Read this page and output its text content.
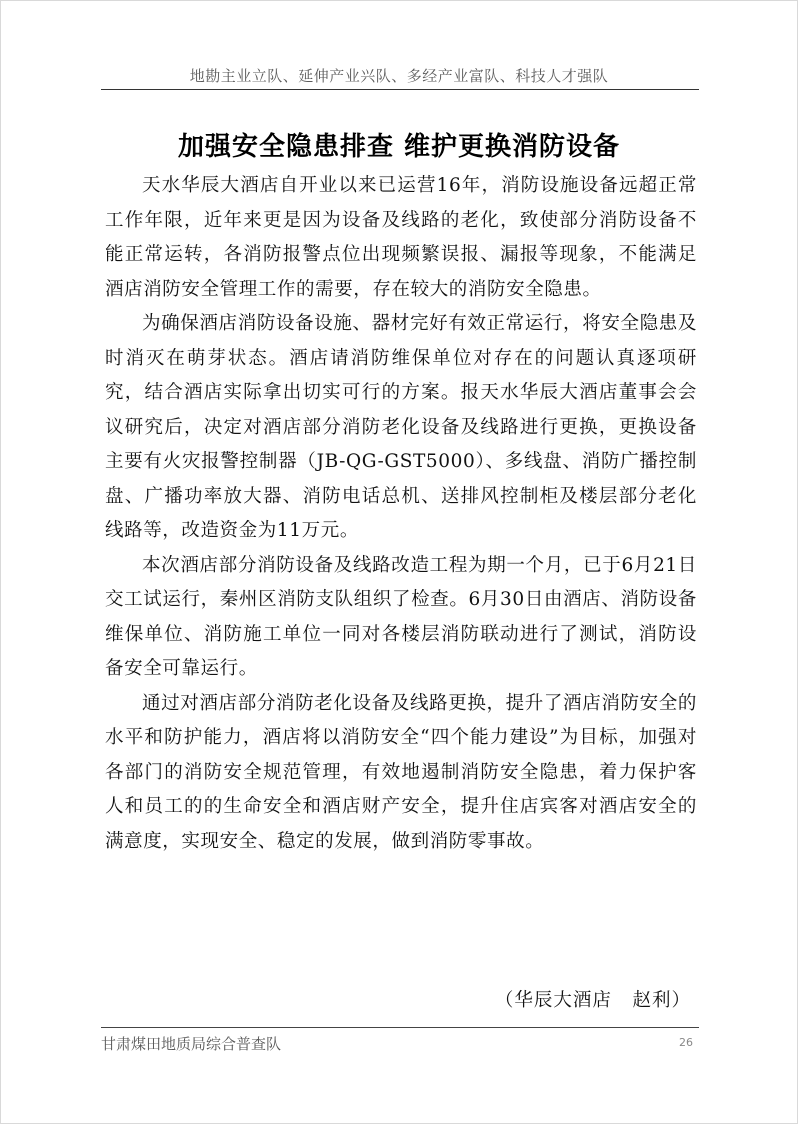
地勘主业立队、延伸产业兴队、多经产业富队、科技人才强队
加强安全隐患排查 维护更换消防设备

天水华辰大酒店自开业以来已运营16年，消防设施设备远超正常工作年限，近年来更是因为设备及线路的老化，致使部分消防设备不能正常运转，各消防报警点位出现频繁误报、漏报等现象，不能满足酒店消防安全管理工作的需要，存在较大的消防安全隐患。

为确保酒店消防设备设施、器材完好有效正常运行，将安全隐患及时消灭在萌芽状态。酒店请消防维保单位对存在的问题认真逐项研究，结合酒店实际拿出切实可行的方案。报天水华辰大酒店董事会会议研究后，决定对酒店部分消防老化设备及线路进行更换，更换设备主要有火灾报警控制器（JB-QG-GST5000）、多线盘、消防广播控制盘、广播功率放大器、消防电话总机、送排风控制柜及楼层部分老化线路等，改造资金为11万元。

本次酒店部分消防设备及线路改造工程为期一个月，已于6月21日交工试运行，秦州区消防支队组织了检查。6月30日由酒店、消防设备维保单位、消防施工单位一同对各楼层消防联动进行了测试，消防设备安全可靠运行。

通过对酒店部分消防老化设备及线路更换，提升了酒店消防安全的水平和防护能力，酒店将以消防安全“四个能力建设”为目标，加强对各部门的消防安全规范管理，有效地遏制消防安全隐患，着力保护客人和员工的的生命安全和酒店财产安全，提升住店宾客对酒店安全的满意度，实现安全、稳定的发展，做到消防零事故。

（华辰大酒店   赵利）
甘肃煤田地质局综合普查队	26
